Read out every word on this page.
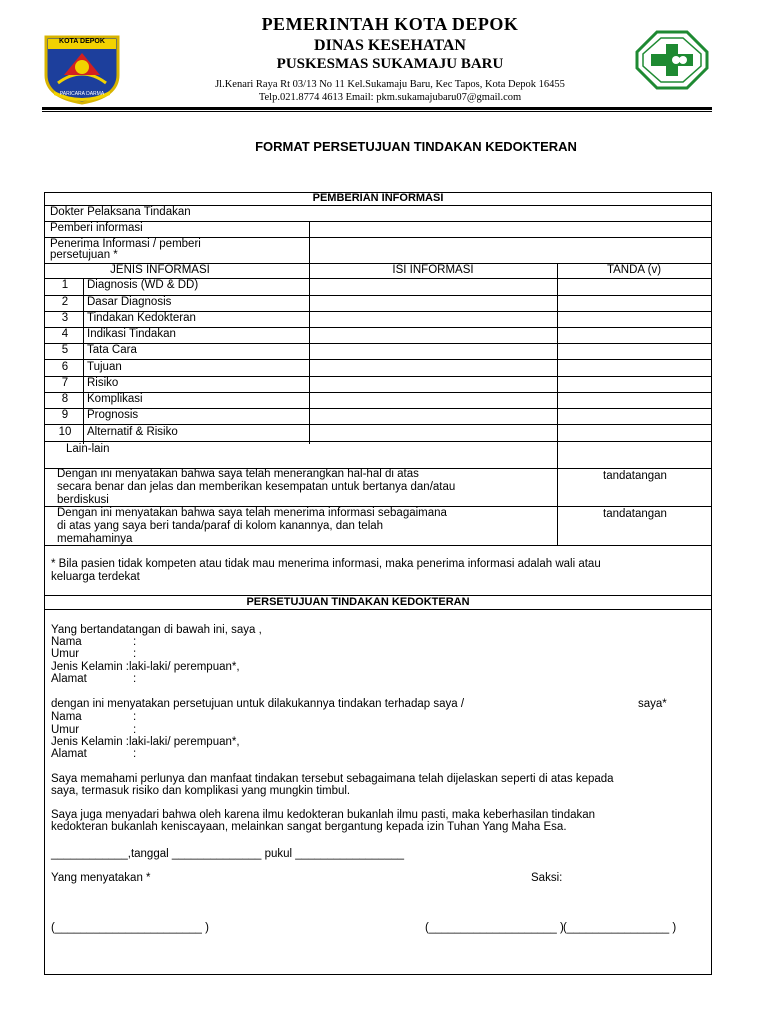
KOTA DEPOK
PARICARA DARMA
PEMERINTAH KOTA DEPOK
DINAS KESEHATAN
PUSKESMAS SUKAMAJU BARU
Jl.Kenari Raya Rt 03/13 No 11 Kel.Sukamaju Baru, Kec Tapos, Kota Depok 16455
Telp.021.8774 4613 Email: pkm.sukamajubaru07@gmail.com
FORMAT PERSETUJUAN TINDAKAN KEDOKTERAN
PEMBERIAN INFORMASI
Dokter Pelaksana Tindakan
Pemberi informasi
Penerima Informasi / pemberi
persetujuan *
JENIS INFORMASI	ISI INFORMASI	TANDA (v)
1	Diagnosis (WD & DD)
2	Dasar Diagnosis
3	Tindakan Kedokteran
4	Indikasi Tindakan
5	Tata Cara
6	Tujuan
7	Risiko
8	Komplikasi
9	Prognosis
10	Alternatif & Risiko
Lain-lain
Dengan ini menyatakan bahwa saya telah menerangkan hal-hal di atas
secara benar dan jelas dan memberikan kesempatan untuk bertanya dan/atau
berdiskusi
tandatangan
Dengan ini menyatakan bahwa saya telah menerima informasi sebagaimana
di atas yang saya beri tanda/paraf di kolom kanannya, dan telah
memahaminya
tandatangan
* Bila pasien tidak kompeten atau tidak mau menerima informasi, maka penerima informasi adalah wali atau
keluarga terdekat
PERSETUJUAN TINDAKAN KEDOKTERAN
Yang bertandatangan di bawah ini, saya ,
Nama	:
Umur	:
Jenis Kelamin :laki-laki/ perempuan*,
Alamat	:
dengan ini menyatakan persetujuan untuk dilakukannya tindakan terhadap saya /	saya*
Nama	:
Umur	:
Jenis Kelamin :laki-laki/ perempuan*,
Alamat	:
Saya memahami perlunya dan manfaat tindakan tersebut sebagaimana telah dijelaskan seperti di atas kepada
saya, termasuk risiko dan komplikasi yang mungkin timbul.
Saya juga menyadari bahwa oleh karena ilmu kedokteran bukanlah ilmu pasti, maka keberhasilan tindakan
kedokteran bukanlah keniscayaan, melainkan sangat bergantung kepada izin Tuhan Yang Maha Esa.
____________,tanggal ______________ pukul _________________
Yang menyatakan *	Saksi:
(_______________________ )	(____________________ ) (________________ )
